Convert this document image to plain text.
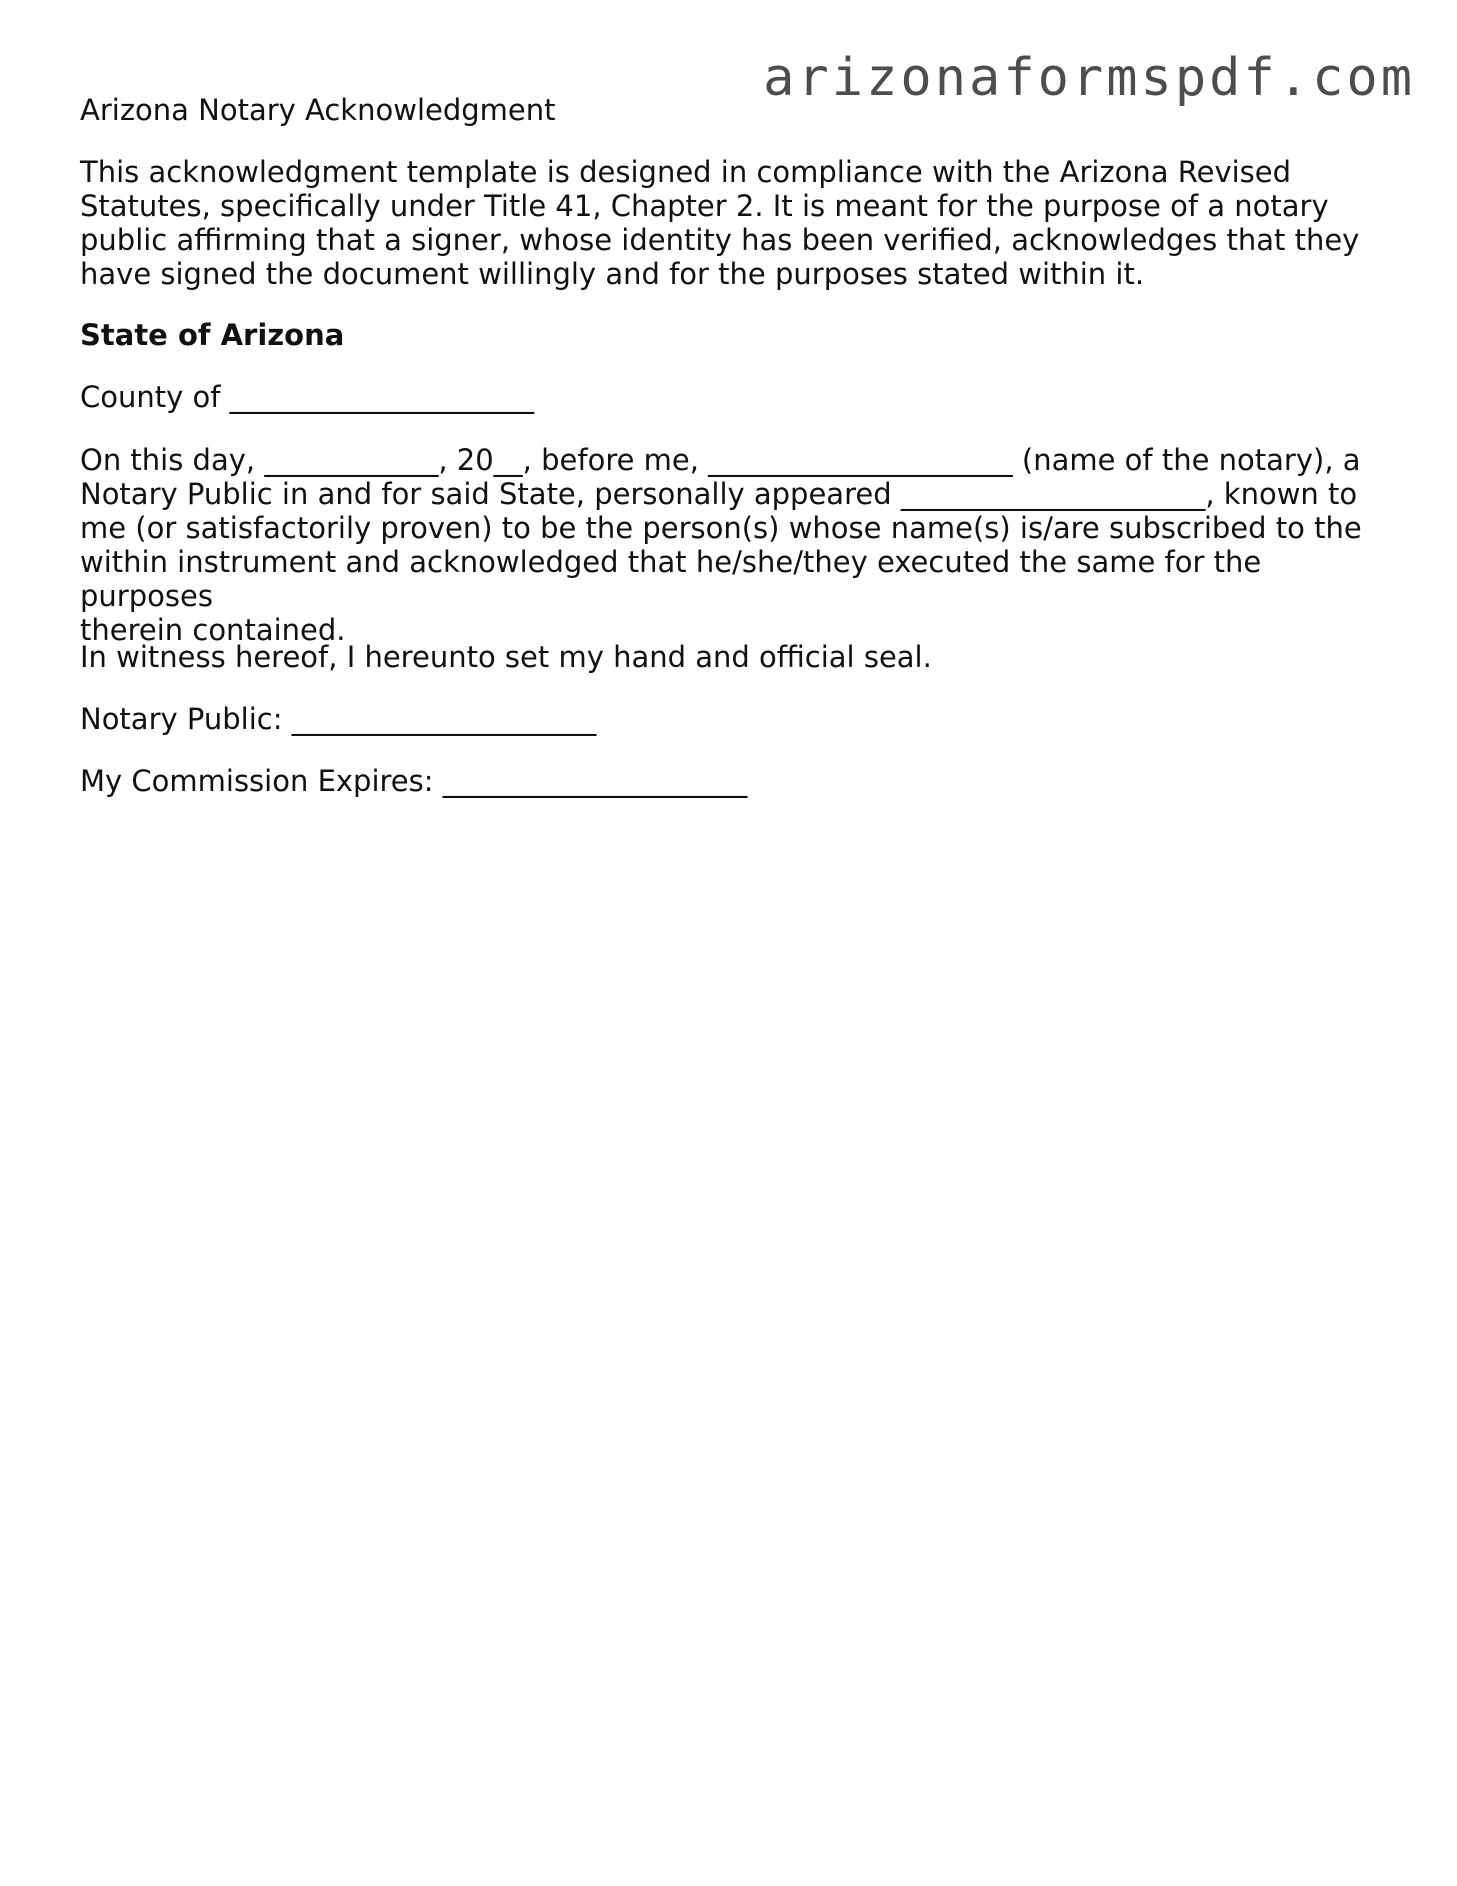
arizonaformspdf.com
Arizona Notary Acknowledgment

This acknowledgment template is designed in compliance with the Arizona Revised
Statutes, specifically under Title 41, Chapter 2. It is meant for the purpose of a notary
public affirming that a signer, whose identity has been verified, acknowledges that they
have signed the document willingly and for the purposes stated within it.

State of Arizona

County of _____________________

On this day, ____________, 20__, before me, _____________________ (name of the notary), a
Notary Public in and for said State, personally appeared _____________________, known to
me (or satisfactorily proven) to be the person(s) whose name(s) is/are subscribed to the
within instrument and acknowledged that he/she/they executed the same for the purposes
therein contained.

In witness hereof, I hereunto set my hand and official seal.

Notary Public: _____________________

My Commission Expires: _____________________
